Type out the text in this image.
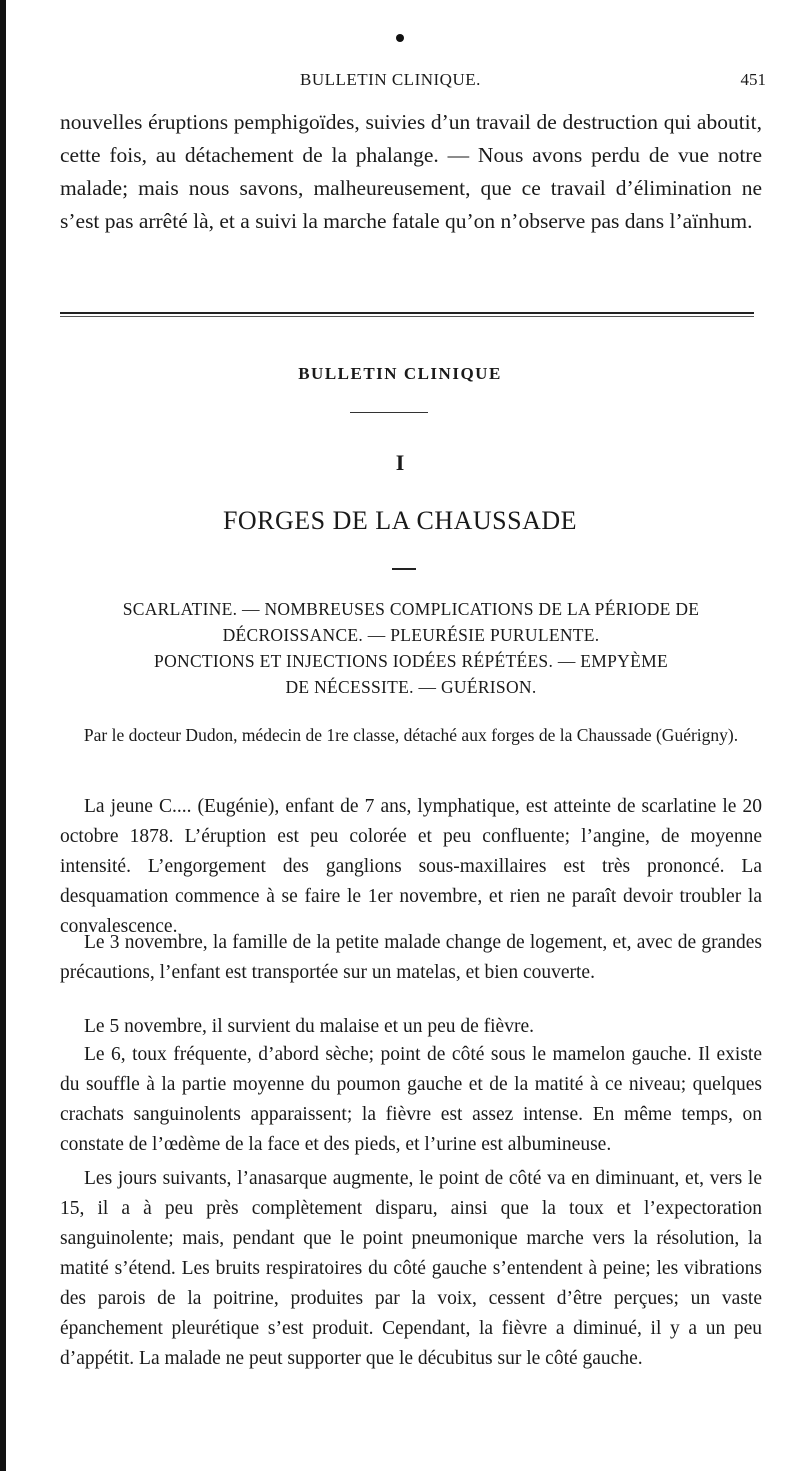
BULLETIN CLINIQUE.	451

nouvelles éruptions pemphigoïdes, suivies d’un travail de destruction qui aboutit, cette fois, au détachement de la phalange. — Nous avons perdu de vue notre malade; mais nous savons, malheureusement, que ce travail d’élimination ne s’est pas arrêté là, et a suivi la marche fatale qu’on n’observe pas dans l’aïnhum.

BULLETIN CLINIQUE
I
FORGES DE LA CHAUSSADE
SCARLATINE. — NOMBREUSES COMPLICATIONS DE LA PÉRIODE DE
DÉCROISSANCE. — PLEURÉSIE PURULENTE.
PONCTIONS ET INJECTIONS IODÉES RÉPÉTÉES. — EMPYÈME
DE NÉCESSITE. — GUÉRISON.

Par le docteur Dudon, médecin de 1re classe, détaché aux forges de la Chaussade (Guérigny).

La jeune C.... (Eugénie), enfant de 7 ans, lymphatique, est atteinte de scarlatine le 20 octobre 1878. L’éruption est peu colorée et peu confluente; l’angine, de moyenne intensité. L’engorgement des ganglions sous-maxillaires est très prononcé. La desquamation commence à se faire le 1er novembre, et rien ne paraît devoir troubler la convalescence.

Le 3 novembre, la famille de la petite malade change de logement, et, avec de grandes précautions, l’enfant est transportée sur un matelas, et bien couverte.

Le 5 novembre, il survient du malaise et un peu de fièvre.

Le 6, toux fréquente, d’abord sèche; point de côté sous le mamelon gauche. Il existe du souffle à la partie moyenne du poumon gauche et de la matité à ce niveau; quelques crachats sanguinolents apparaissent; la fièvre est assez intense. En même temps, on constate de l’œdème de la face et des pieds, et l’urine est albumineuse.

Les jours suivants, l’anasarque augmente, le point de côté va en diminuant, et, vers le 15, il a à peu près complètement disparu, ainsi que la toux et l’expectoration sanguinolente; mais, pendant que le point pneumonique marche vers la résolution, la matité s’étend. Les bruits respiratoires du côté gauche s’entendent à peine; les vibrations des parois de la poitrine, produites par la voix, cessent d’être perçues; un vaste épanchement pleurétique s’est produit. Cependant, la fièvre a diminué, il y a un peu d’appétit. La malade ne peut supporter que le décubitus sur le côté gauche.
